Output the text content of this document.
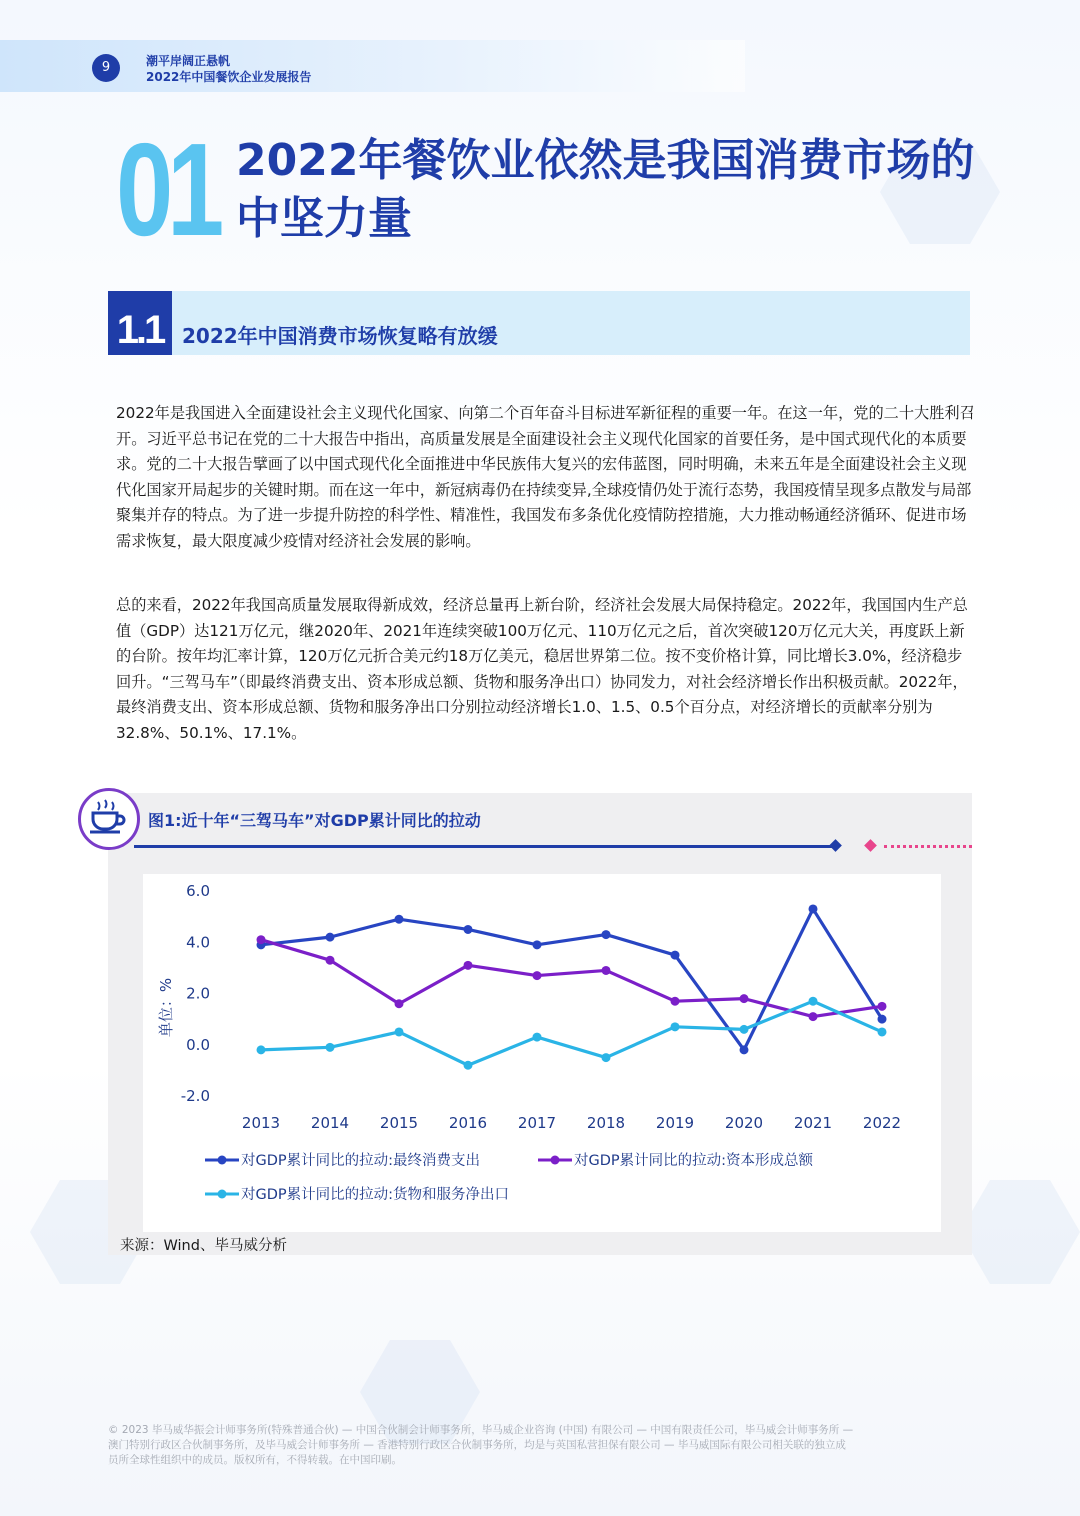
9	潮平岸阔正悬帆
2022年中国餐饮企业发展报告
01 2022年餐饮业依然是我国消费市场的中坚力量
1.1 2022年中国消费市场恢复略有放缓
2022年是我国进入全面建设社会主义现代化国家、向第二个百年奋斗目标进军新征程的重要一年。在这一年，党的二十大胜利召开。习近平总书记在党的二十大报告中指出，高质量发展是全面建设社会主义现代化国家的首要任务，是中国式现代化的本质要求。党的二十大报告擘画了以中国式现代化全面推进中华民族伟大复兴的宏伟蓝图，同时明确，未来五年是全面建设社会主义现代化国家开局起步的关键时期。而在这一年中，新冠病毒仍在持续变异,全球疫情仍处于流行态势，我国疫情呈现多点散发与局部聚集并存的特点。为了进一步提升防控的科学性、精准性，我国发布多条优化疫情防控措施，大力推动畅通经济循环、促进市场需求恢复，最大限度减少疫情对经济社会发展的影响。
总的来看，2022年我国高质量发展取得新成效，经济总量再上新台阶，经济社会发展大局保持稳定。2022年，我国国内生产总值（GDP）达121万亿元，继2020年、2021年连续突破100万亿元、110万亿元之后，首次突破120万亿元大关，再度跃上新的台阶。按年均汇率计算，120万亿元折合美元约18万亿美元，稳居世界第二位。按不变价格计算，同比增长3.0%，经济稳步回升。“三驾马车”（即最终消费支出、资本形成总额、货物和服务净出口）协同发力，对社会经济增长作出积极贡献。2022年，最终消费支出、资本形成总额、货物和服务净出口分别拉动经济增长1.0、1.5、0.5个百分点，对经济增长的贡献率分别为32.8%、50.1%、17.1%。
图1:近十年“三驾马车”对GDP累计同比的拉动
6.0
4.0
2.0
0.0
-2.0
单位：%
2013 2014 2015 2016 2017 2018 2019 2020 2021 2022
对GDP累计同比的拉动:最终消费支出	对GDP累计同比的拉动:资本形成总额
对GDP累计同比的拉动:货物和服务净出口
来源：Wind、毕马威分析
© 2023 毕马威华振会计师事务所(特殊普通合伙) — 中国合伙制会计师事务所，毕马威企业咨询 (中国) 有限公司 — 中国有限责任公司，毕马威会计师事务所 —
澳门特别行政区合伙制事务所，及毕马威会计师事务所 — 香港特别行政区合伙制事务所，均是与英国私营担保有限公司 — 毕马威国际有限公司相关联的独立成
员所全球性组织中的成员。版权所有，不得转载。在中国印刷。
